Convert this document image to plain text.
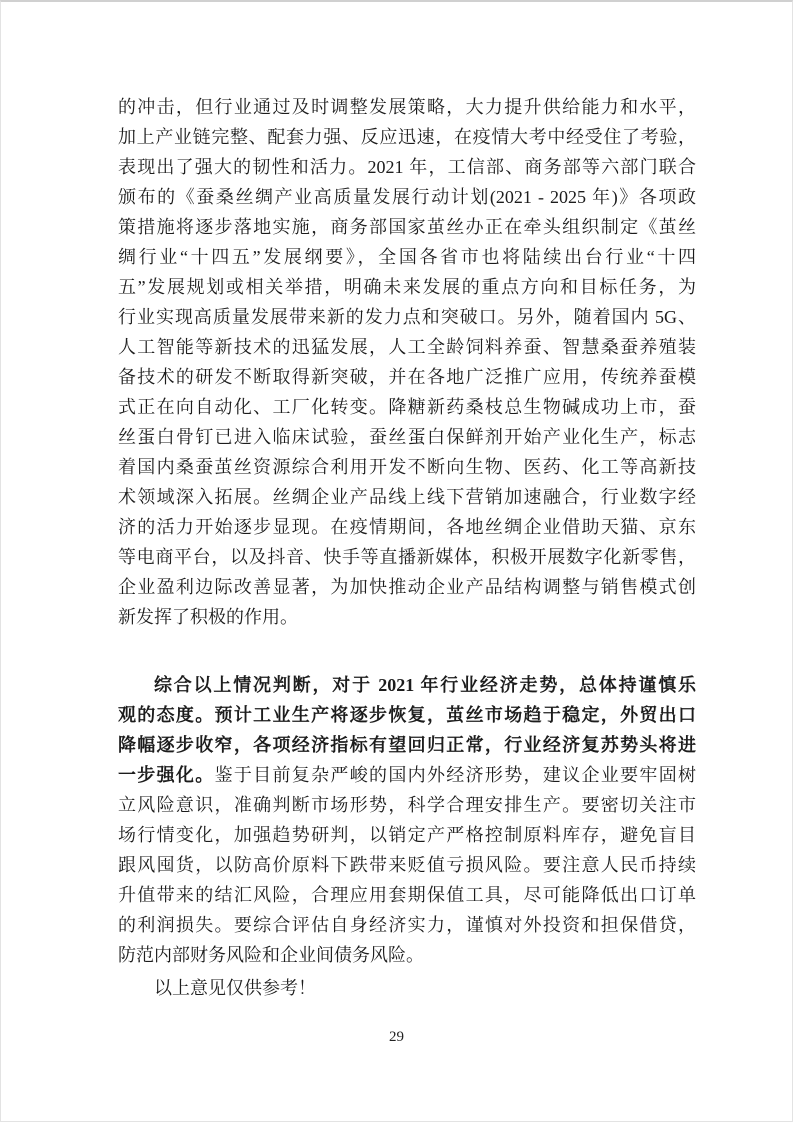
的冲击，但行业通过及时调整发展策略，大力提升供给能力和水平，
加上产业链完整、配套力强、反应迅速，在疫情大考中经受住了考验，
表现出了强大的韧性和活力。2021 年，工信部、商务部等六部门联合
颁布的《蚕桑丝绸产业高质量发展行动计划(2021 - 2025 年)》各项政
策措施将逐步落地实施，商务部国家茧丝办正在牵头组织制定《茧丝
绸行业“十四五”发展纲要》，全国各省市也将陆续出台行业“十四
五”发展规划或相关举措，明确未来发展的重点方向和目标任务，为
行业实现高质量发展带来新的发力点和突破口。另外，随着国内 5G、
人工智能等新技术的迅猛发展，人工全龄饲料养蚕、智慧桑蚕养殖装
备技术的研发不断取得新突破，并在各地广泛推广应用，传统养蚕模
式正在向自动化、工厂化转变。降糖新药桑枝总生物碱成功上市，蚕
丝蛋白骨钉已进入临床试验，蚕丝蛋白保鲜剂开始产业化生产，标志
着国内桑蚕茧丝资源综合利用开发不断向生物、医药、化工等高新技
术领域深入拓展。丝绸企业产品线上线下营销加速融合，行业数字经
济的活力开始逐步显现。在疫情期间，各地丝绸企业借助天猫、京东
等电商平台，以及抖音、快手等直播新媒体，积极开展数字化新零售，
企业盈利边际改善显著，为加快推动企业产品结构调整与销售模式创
新发挥了积极的作用。
综合以上情况判断，对于 2021 年行业经济走势，总体持谨慎乐
观的态度。预计工业生产将逐步恢复，茧丝市场趋于稳定，外贸出口
降幅逐步收窄，各项经济指标有望回归正常，行业经济复苏势头将进
一步强化。鉴于目前复杂严峻的国内外经济形势，建议企业要牢固树
立风险意识，准确判断市场形势，科学合理安排生产。要密切关注市
场行情变化，加强趋势研判，以销定产严格控制原料库存，避免盲目
跟风囤货，以防高价原料下跌带来贬值亏损风险。要注意人民币持续
升值带来的结汇风险，合理应用套期保值工具，尽可能降低出口订单
的利润损失。要综合评估自身经济实力，谨慎对外投资和担保借贷，
防范内部财务风险和企业间债务风险。
以上意见仅供参考！
29
